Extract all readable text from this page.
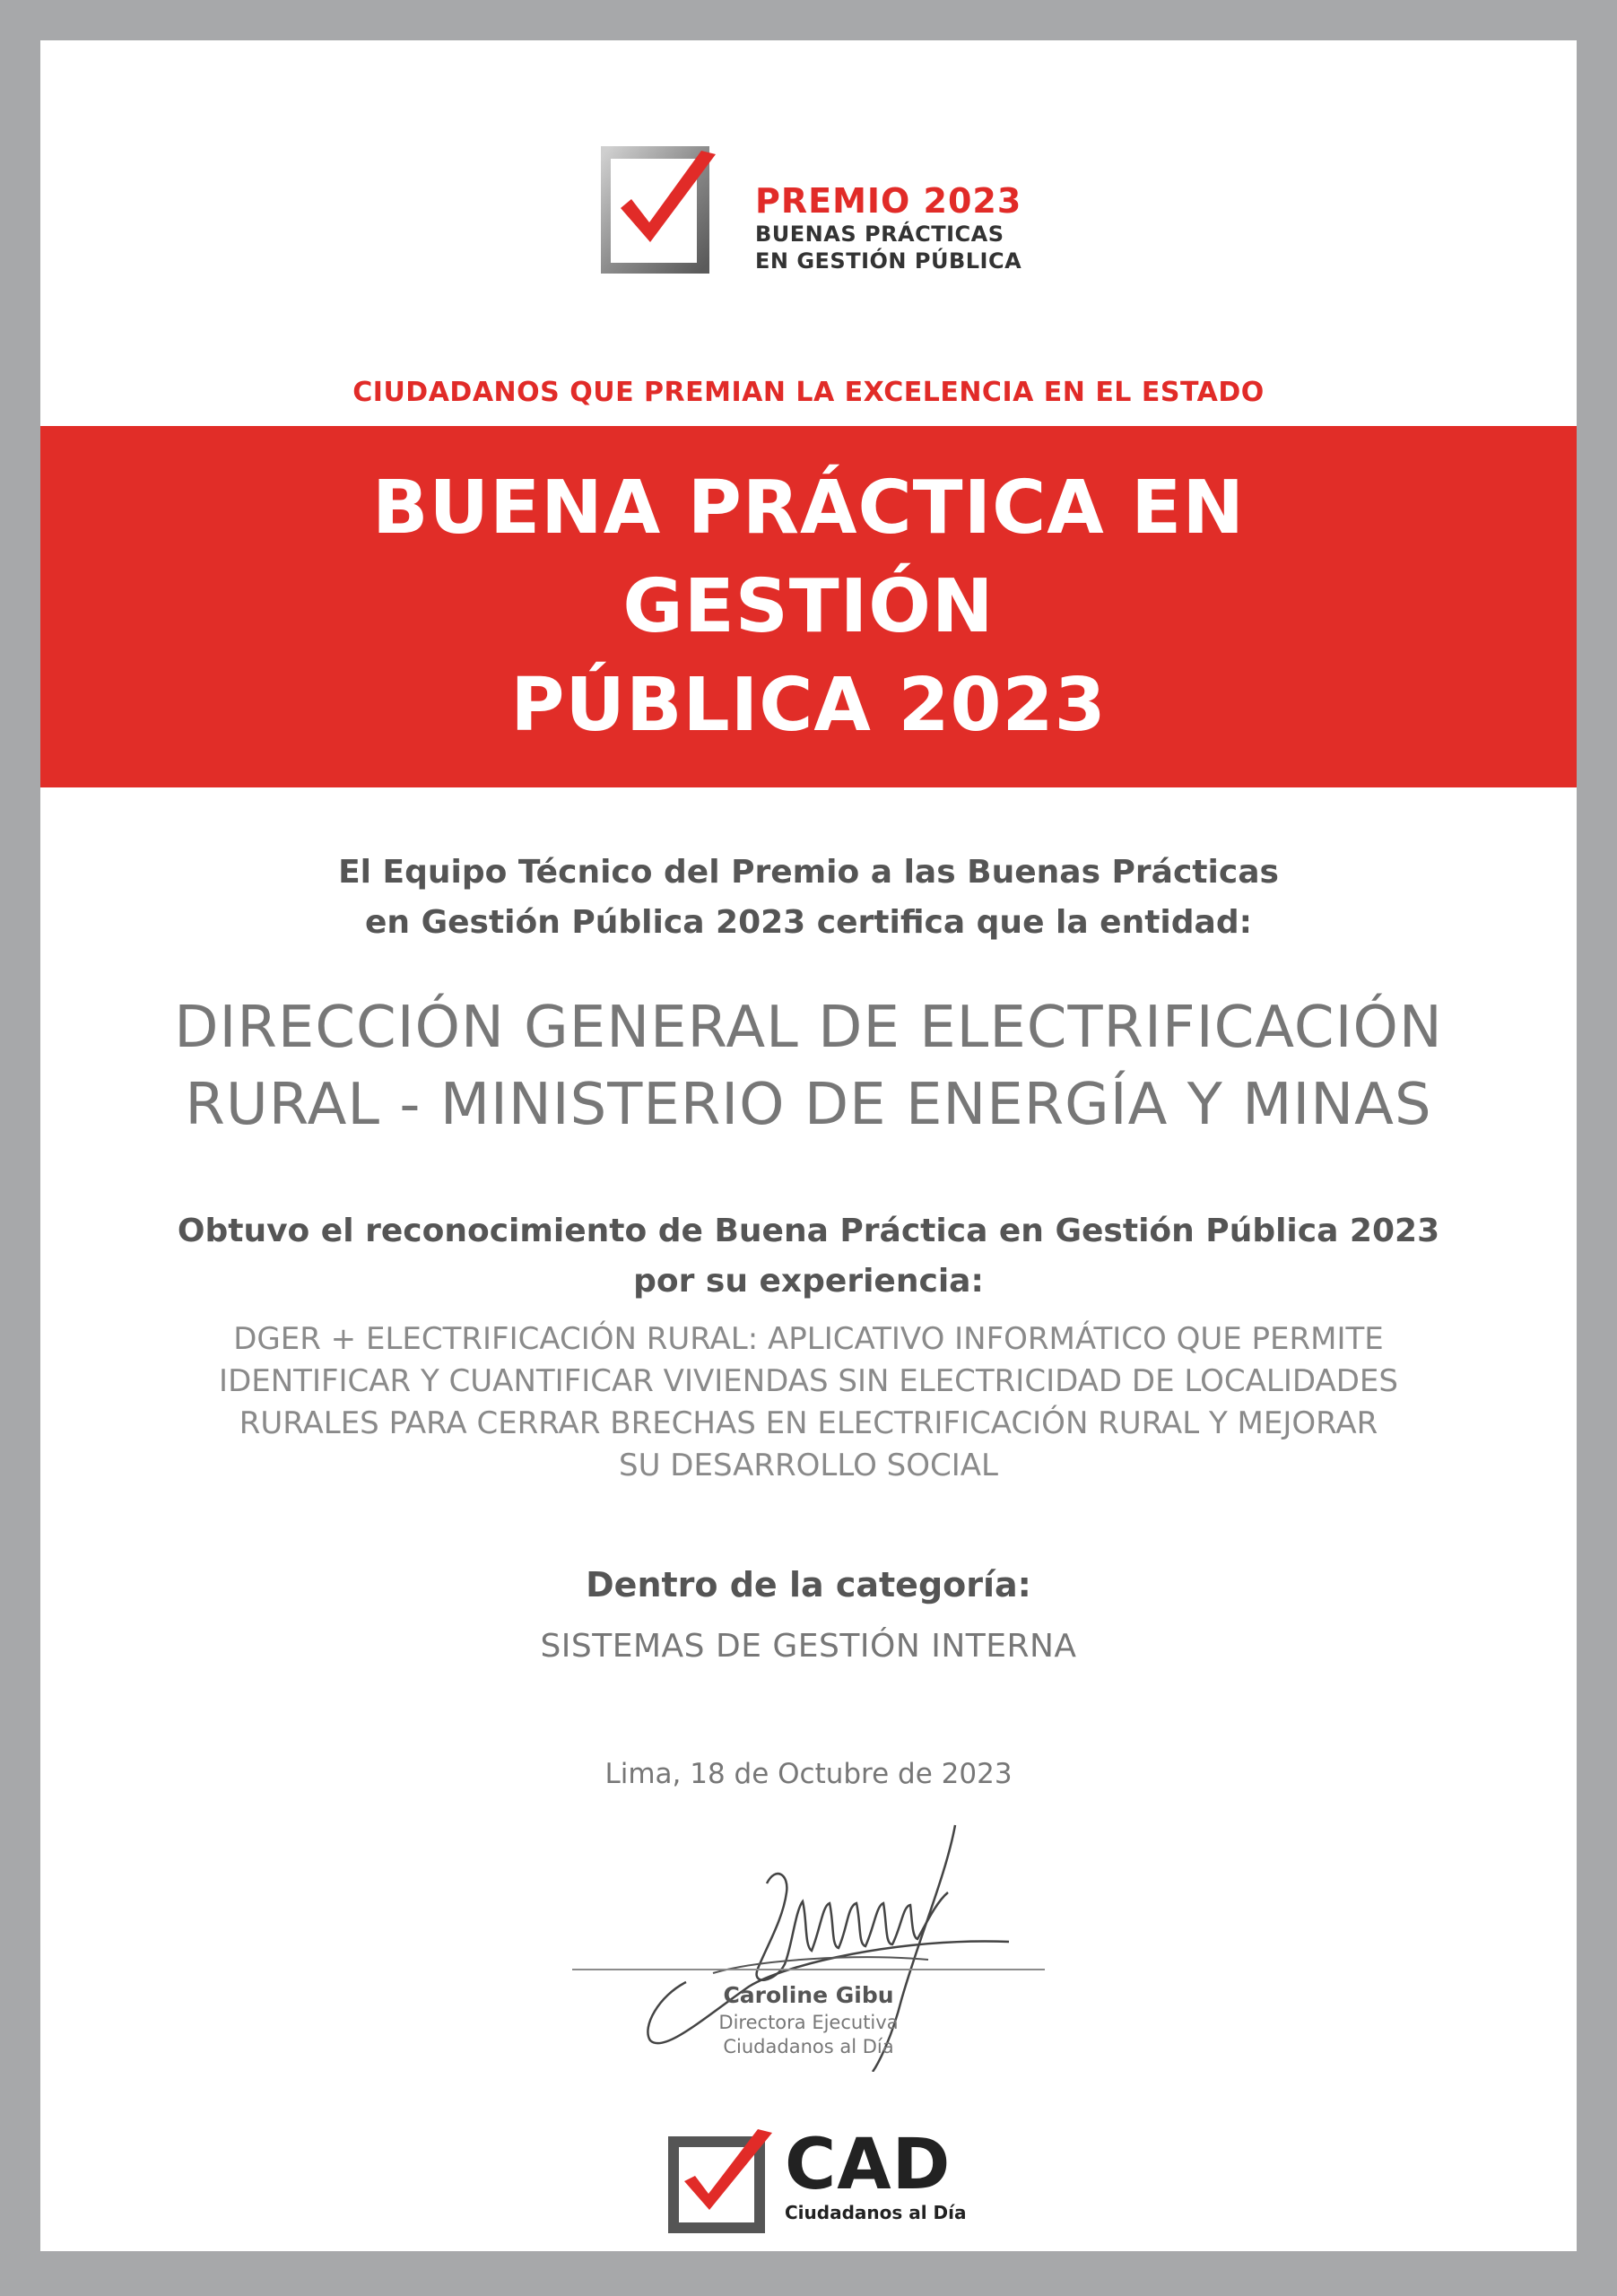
PREMIO 2023
BUENAS PRÁCTICAS
EN GESTIÓN PÚBLICA
CIUDADANOS QUE PREMIAN LA EXCELENCIA EN EL ESTADO
BUENA PRÁCTICA EN GESTIÓN
PÚBLICA 2023
El Equipo Técnico del Premio a las Buenas Prácticas
en Gestión Pública 2023 certifica que la entidad:
DIRECCIÓN GENERAL DE ELECTRIFICACIÓN
RURAL - MINISTERIO DE ENERGÍA Y MINAS
Obtuvo el reconocimiento de Buena Práctica en Gestión Pública 2023
por su experiencia:
DGER + ELECTRIFICACIÓN RURAL: APLICATIVO INFORMÁTICO QUE PERMITE
IDENTIFICAR Y CUANTIFICAR VIVIENDAS SIN ELECTRICIDAD DE LOCALIDADES
RURALES PARA CERRAR BRECHAS EN ELECTRIFICACIÓN RURAL Y MEJORAR
SU DESARROLLO SOCIAL
Dentro de la categoría:
SISTEMAS DE GESTIÓN INTERNA
Lima, 18 de Octubre de 2023
Caroline Gibu
Directora Ejecutiva
Ciudadanos al Día
CAD
Ciudadanos al Día
